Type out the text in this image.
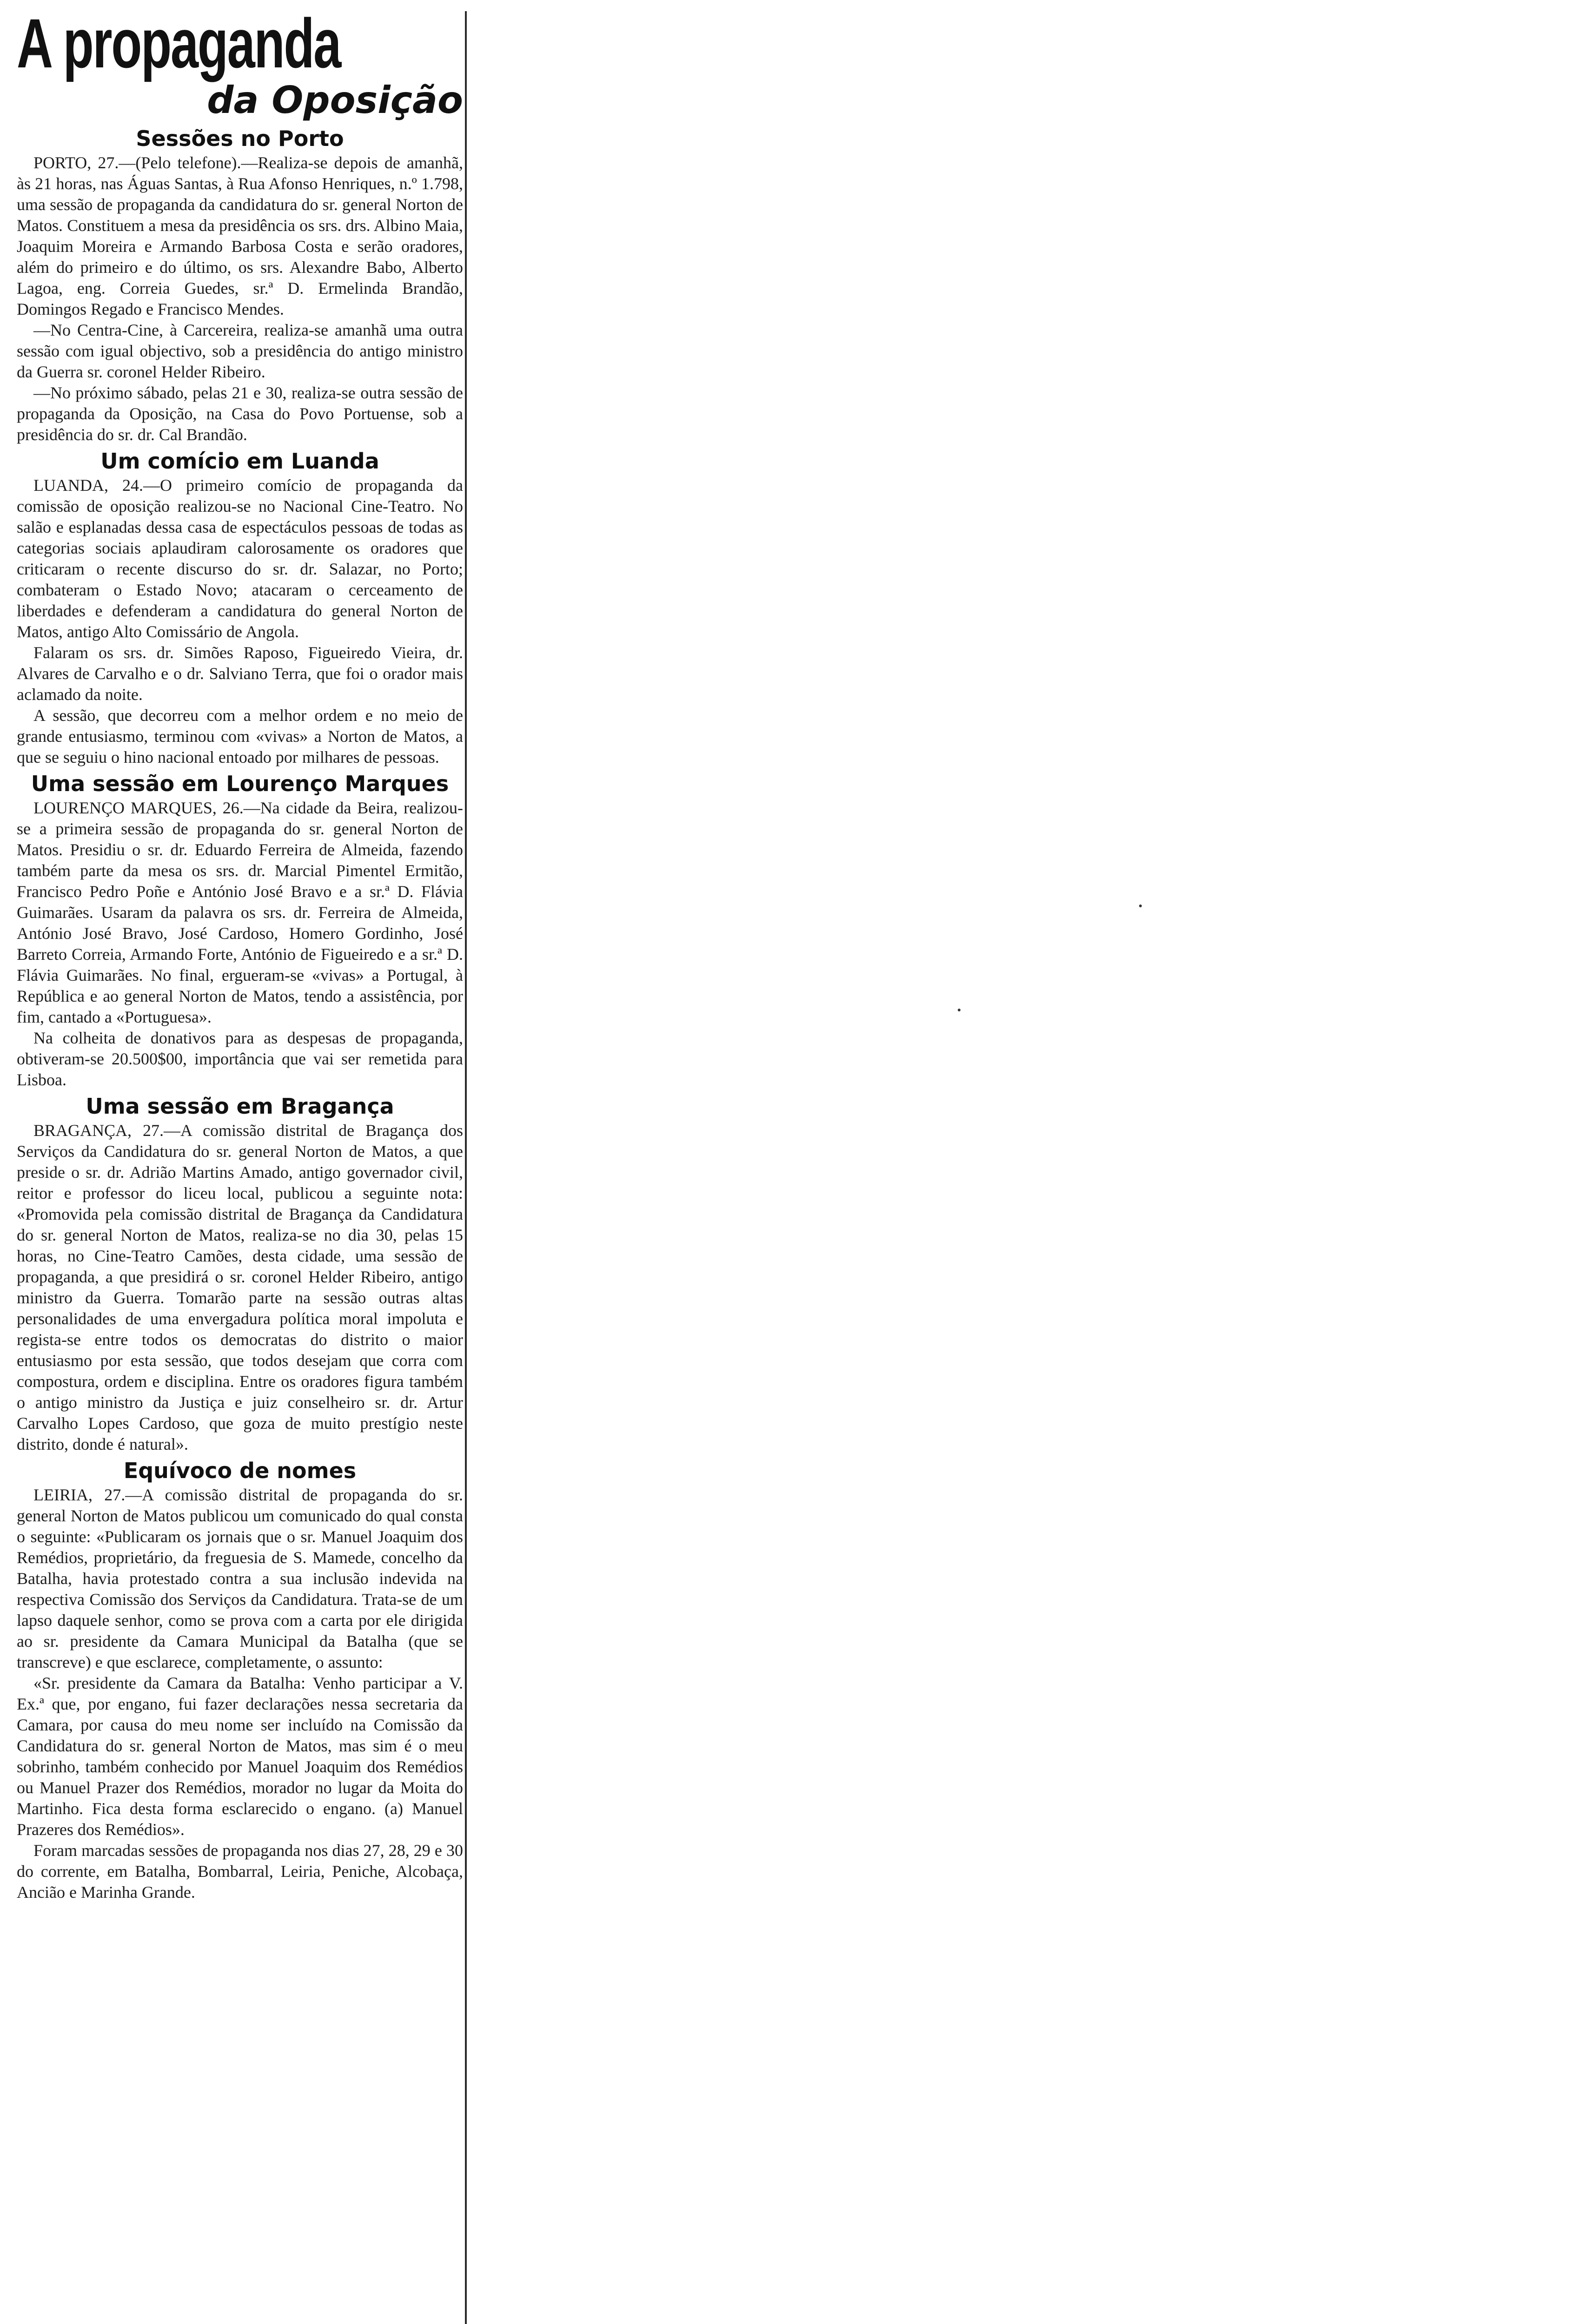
A propaganda
da Oposição
Sessões no Porto

PORTO, 27.—(Pelo telefone).—Realiza-se depois de amanhã, às 21 horas, nas Águas Santas, à Rua Afonso Henriques, n.º 1.798, uma sessão de propaganda da candidatura do sr. general Norton de Matos. Constituem a mesa da presidência os srs. drs. Albino Maia, Joaquim Moreira e Armando Barbosa Costa e serão oradores, além do primeiro e do último, os srs. Alexandre Babo, Alberto Lagoa, eng. Correia Guedes, sr.ª D. Ermelinda Brandão, Domingos Regado e Francisco Mendes.

—No Centra-Cine, à Carcereira, realiza-se amanhã uma outra sessão com igual objectivo, sob a presidência do antigo ministro da Guerra sr. coronel Helder Ribeiro.

—No próximo sábado, pelas 21 e 30, realiza-se outra sessão de propaganda da Oposição, na Casa do Povo Portuense, sob a presidência do sr. dr. Cal Brandão.

Um comício em Luanda

LUANDA, 24.—O primeiro comício de propaganda da comissão de oposição realizou-se no Nacional Cine-Teatro. No salão e esplanadas dessa casa de espectáculos pessoas de todas as categorias sociais aplaudiram calorosamente os oradores que criticaram o recente discurso do sr. dr. Salazar, no Porto; combateram o Estado Novo; atacaram o cerceamento de liberdades e defenderam a candidatura do general Norton de Matos, antigo Alto Comissário de Angola.

Falaram os srs. dr. Simões Raposo, Figueiredo Vieira, dr. Alvares de Carvalho e o dr. Salviano Terra, que foi o orador mais aclamado da noite.

A sessão, que decorreu com a melhor ordem e no meio de grande entusiasmo, terminou com «vivas» a Norton de Matos, a que se seguiu o hino nacional entoado por milhares de pessoas.

Uma sessão em Lourenço Marques

LOURENÇO MARQUES, 26.—Na cidade da Beira, realizou-se a primeira sessão de propaganda do sr. general Norton de Matos. Presidiu o sr. dr. Eduardo Ferreira de Almeida, fazendo também parte da mesa os srs. dr. Marcial Pimentel Ermitão, Francisco Pedro Poñe e António José Bravo e a sr.ª D. Flávia Guimarães. Usaram da palavra os srs. dr. Ferreira de Almeida, António José Bravo, José Cardoso, Homero Gordinho, José Barreto Correia, Armando Forte, António de Figueiredo e a sr.ª D. Flávia Guimarães. No final, ergueram-se «vivas» a Portugal, à República e ao general Norton de Matos, tendo a assistência, por fim, cantado a «Portuguesa».

Na colheita de donativos para as despesas de propaganda, obtiveram-se 20.500$00, importância que vai ser remetida para Lisboa.

Uma sessão em Bragança

BRAGANÇA, 27.—A comissão distrital de Bragança dos Serviços da Candidatura do sr. general Norton de Matos, a que preside o sr. dr. Adrião Martins Amado, antigo governador civil, reitor e professor do liceu local, publicou a seguinte nota: «Promovida pela comissão distrital de Bragança da Candidatura do sr. general Norton de Matos, realiza-se no dia 30, pelas 15 horas, no Cine-Teatro Camões, desta cidade, uma sessão de propaganda, a que presidirá o sr. coronel Helder Ribeiro, antigo ministro da Guerra. Tomarão parte na sessão outras altas personalidades de uma envergadura política moral impoluta e regista-se entre todos os democratas do distrito o maior entusiasmo por esta sessão, que todos desejam que corra com compostura, ordem e disciplina. Entre os oradores figura também o antigo ministro da Justiça e juiz conselheiro sr. dr. Artur Carvalho Lopes Cardoso, que goza de muito prestígio neste distrito, donde é natural».

Equívoco de nomes

LEIRIA, 27.—A comissão distrital de propaganda do sr. general Norton de Matos publicou um comunicado do qual consta o seguinte: «Publicaram os jornais que o sr. Manuel Joaquim dos Remédios, proprietário, da freguesia de S. Mamede, concelho da Batalha, havia protestado contra a sua inclusão indevida na respectiva Comissão dos Serviços da Candidatura. Trata-se de um lapso daquele senhor, como se prova com a carta por ele dirigida ao sr. presidente da Camara Municipal da Batalha (que se transcreve) e que esclarece, completamente, o assunto:

«Sr. presidente da Camara da Batalha: Venho participar a V. Ex.ª que, por engano, fui fazer declarações nessa secretaria da Camara, por causa do meu nome ser incluído na Comissão da Candidatura do sr. general Norton de Matos, mas sim é o meu sobrinho, também conhecido por Manuel Joaquim dos Remédios ou Manuel Prazer dos Remédios, morador no lugar da Moita do Martinho. Fica desta forma esclarecido o engano. (a) Manuel Prazeres dos Remédios».

Foram marcadas sessões de propaganda nos dias 27, 28, 29 e 30 do corrente, em Batalha, Bombarral, Leiria, Peniche, Alcobaça, Ancião e Marinha Grande.
